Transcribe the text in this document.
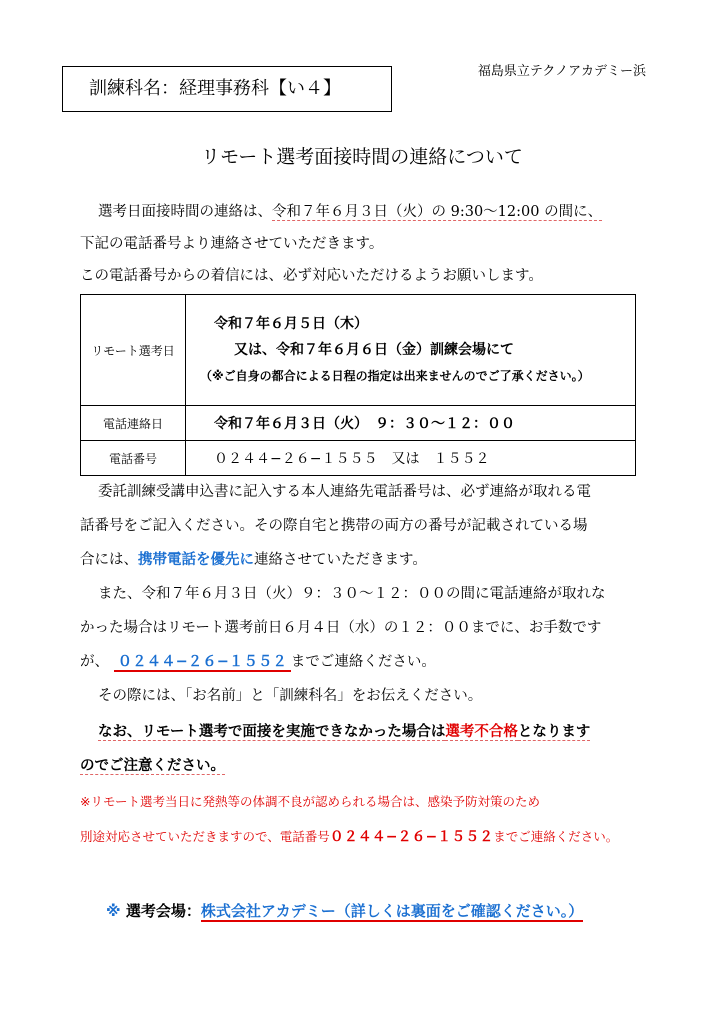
訓練科名：経理事務科【い４】
福島県立テクノアカデミー浜
リモート選考面接時間の連絡について
選考日面接時間の連絡は、令和７年６月３日（火）の 9:30〜12:00 の間に、
下記の電話番号より連絡させていただきます。
この電話番号からの着信には、必ず対応いただけるようお願いします。
リモート選考日	令和７年６月５日（木）
又は、令和７年６月６日（金）訓練会場にて
（※ご自身の都合による日程の指定は出来ませんのでご了承ください。）

電話連絡日	令和７年６月３日（火）　９：３０〜１２：００
電話番号	０２４４−２６−１５５５　又は　１５５２
委託訓練受講申込書に記入する本人連絡先電話番号は、必ず連絡が取れる電
話番号をご記入ください。その際自宅と携帯の両方の番号が記載されている場
合には、携帯電話を優先に連絡させていただきます。
また、令和７年６月３日（火）９：３０〜１２：００の間に電話連絡が取れな
かった場合はリモート選考前日６月４日（水）の１２：００までに、お手数です
が、 ０２４４−２６−１５５２ までご連絡ください。
その際には、「お名前」と「訓練科名」をお伝えください。
なお、リモート選考で面接を実施できなかった場合は選考不合格となります
のでご注意ください。
※リモート選考当日に発熱等の体調不良が認められる場合は、感染予防対策のため
別途対応させていただきますので、電話番号０２４４−２６−１５５２までご連絡ください。
※ 選考会場：株式会社アカデミー（詳しくは裏面をご確認ください。）
